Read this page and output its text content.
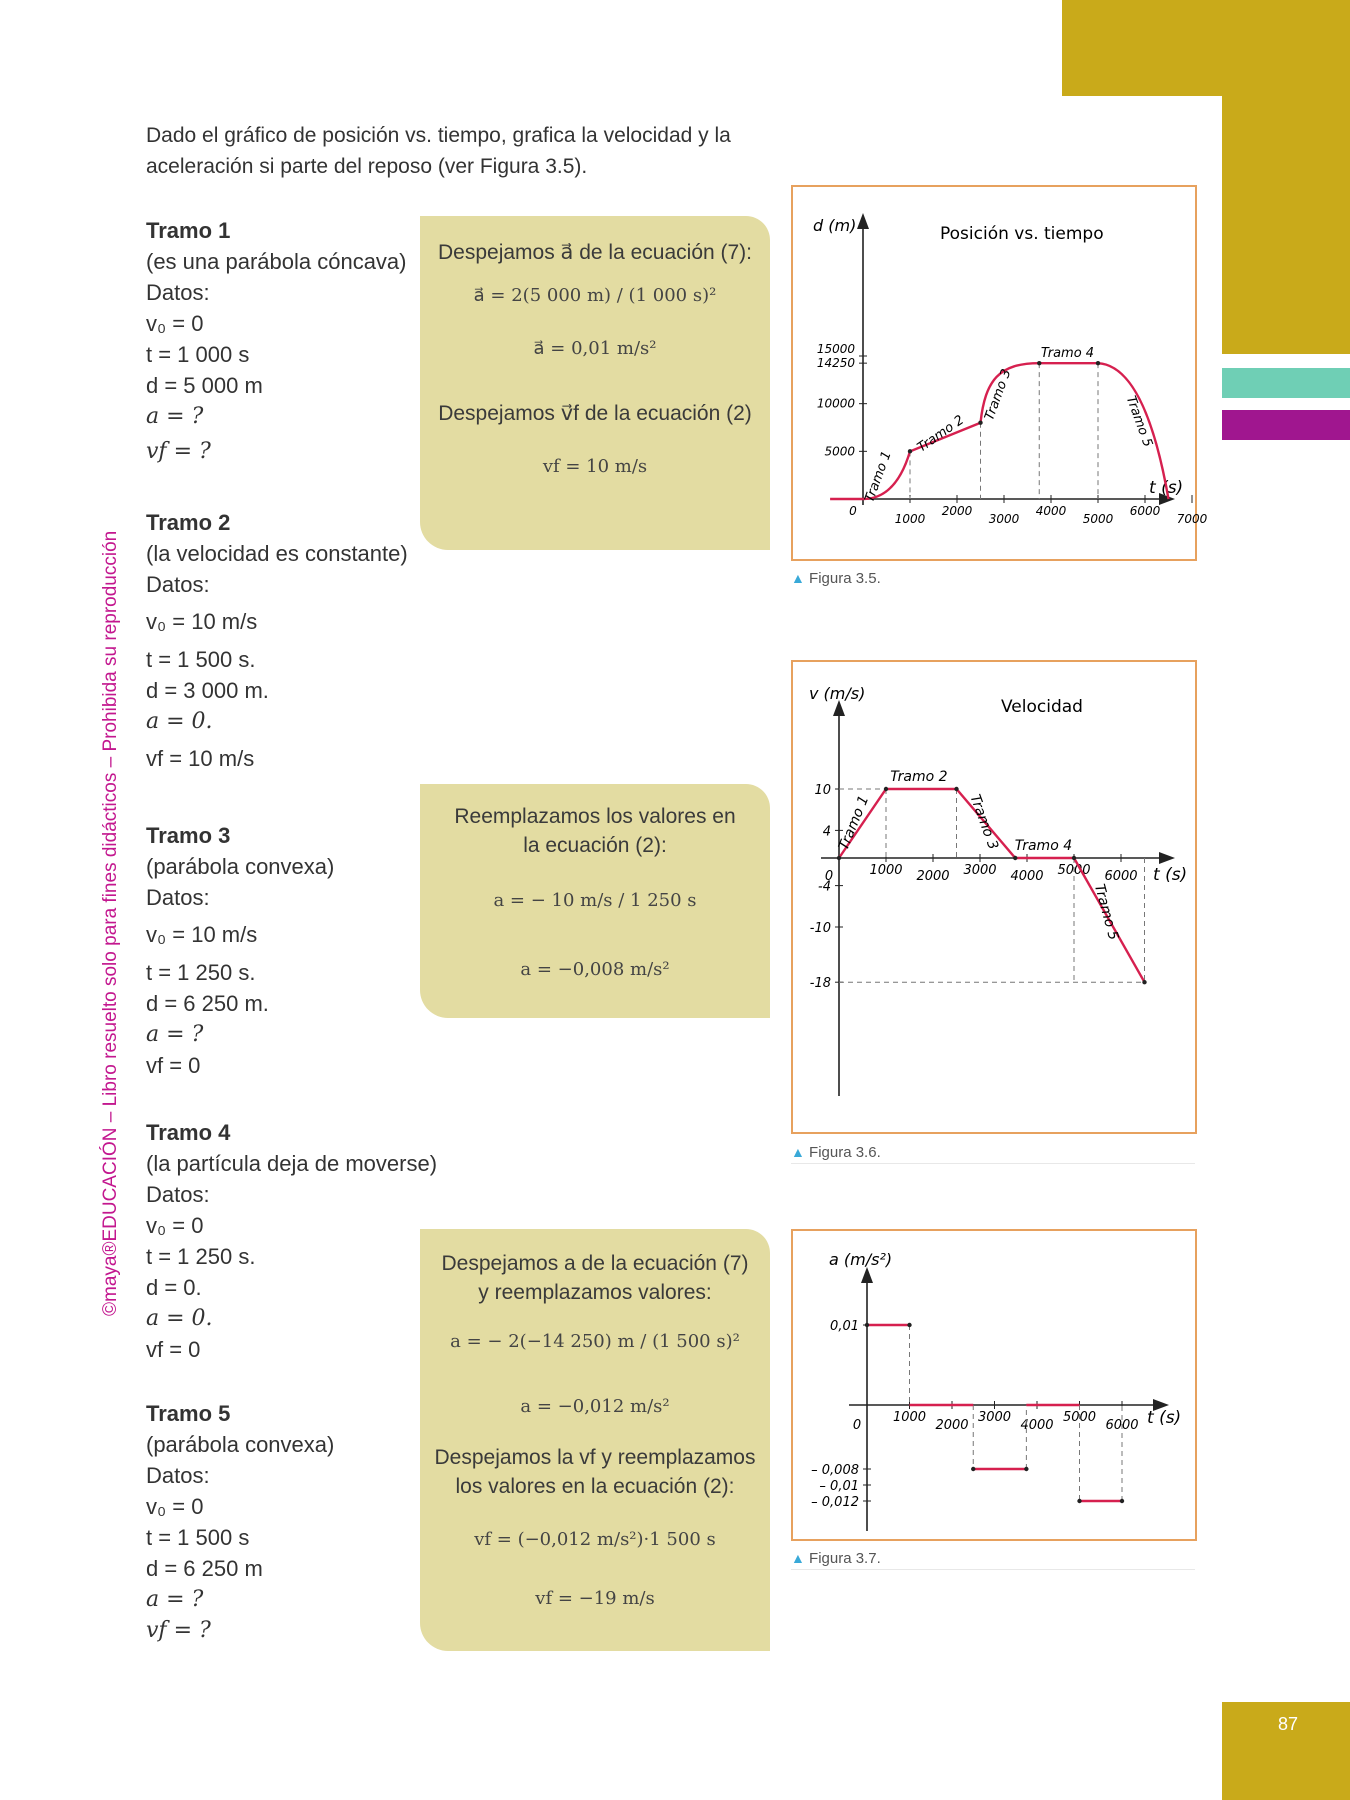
87
©maya®EDUCACIÓN – Libro resuelto solo para fines didácticos – Prohibida su reproducción
Dado el gráfico de posición vs. tiempo, grafica la velocidad y la aceleración si parte del reposo (ver Figura 3.5).
Tramo 1
(es una parábola cóncava)
Datos:
v₀ = 0
t = 1 000 s
d = 5 000 m
a = ?
vf = ?
Tramo 2
(la velocidad es constante)
Datos:
v₀ = 10 m/s
t = 1 500 s.
d = 3 000 m.
a = 0.
vf = 10 m/s
Tramo 3
(parábola convexa)
Datos:
v₀ = 10 m/s
t = 1 250 s.
d = 6 250 m.
a = ?
vf = 0
Tramo 4
(la partícula deja de moverse)
Datos:
v₀ = 0
t = 1 250 s.
d = 0.
a = 0.
vf = 0
Tramo 5
(parábola convexa)
Datos:
v₀ = 0
t = 1 500 s
d = 6 250 m
a = ?
vf = ?
Despejamos a⃗ de la ecuación (7):
a⃗ = 2(5 000 m) / (1 000 s)²
a⃗ = 0,01 m/s²
Despejamos v⃗f de la ecuación (2)
vf = 10 m/s
Reemplazamos los valores en
la ecuación (2):
a = − 10 m/s / 1 250 s
a = −0,008 m/s²
Despejamos a de la ecuación (7)
y reemplazamos valores:
a = − 2(−14 250) m / (1 500 s)²
a = −0,012 m/s²
Despejamos la vf y reemplazamos
los valores en la ecuación (2):
vf = (−0,012 m/s²)·1 500 s
vf = −19 m/s
d (m)	Posición vs. tiempo
t (s)
5000
10000
14250
15000
0
1000
2000
3000
4000
5000
6000
7000
Tramo 1
Tramo 2
Tramo 3
Tramo 4
Tramo 5
▲ Figura 3.5.
v (m/s)
Velocidad
t (s)
10
4
-4
-10
-18
0	1000 2000 3000 4000 5000 6000
Tramo 1
Tramo 2
Tramo 3 Tramo 4
Tramo 5
▲ Figura 3.6.
a (m/s²)
t (s)
0,01
– 0,008
– 0,01
– 0,012
0
1000
2000
3000
4000
5000
6000
▲ Figura 3.7.
